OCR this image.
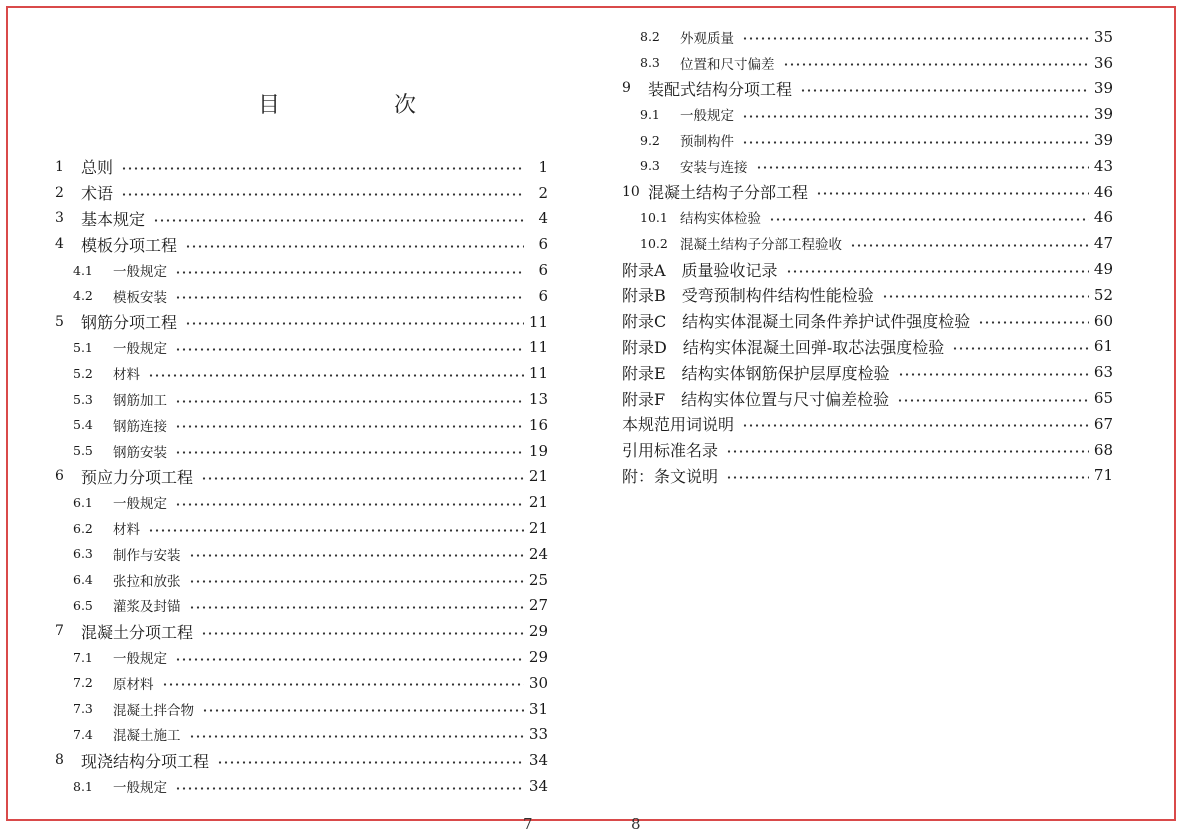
目　次
1	总则	1
2	术语	2
3	基本规定	4
4	模板分项工程	6
4.1	一般规定	6
4.2	模板安装	6
5	钢筋分项工程	11
5.1	一般规定	11
5.2	材料	11
5.3	钢筋加工	13
5.4	钢筋连接	16
5.5	钢筋安装	19
6	预应力分项工程	21
6.1	一般规定	21
6.2	材料	21
6.3	制作与安装	24
6.4	张拉和放张	25
6.5	灌浆及封锚	27
7	混凝土分项工程	29
7.1	一般规定	29
7.2	原材料	30
7.3	混凝土拌合物	31
7.4	混凝土施工	33
8	现浇结构分项工程	34
8.1	一般规定	34
8.2	外观质量	35
8.3	位置和尺寸偏差	36
9	装配式结构分项工程	39
9.1	一般规定	39
9.2	预制构件	39
9.3	安装与连接	43
10 混凝土结构子分部工程	46
10.1 结构实体检验	46
10.2 混凝土结构子分部工程验收	47
附录A　质量验收记录	49
附录B　受弯预制构件结构性能检验	52
附录C　结构实体混凝土同条件养护试件强度检验	60
附录D　结构实体混凝土回弹-取芯法强度检验	61
附录E　结构实体钢筋保护层厚度检验	63
附录F　结构实体位置与尺寸偏差检验	65
本规范用词说明	67
引用标准名录	68
附：条文说明	71
7	8
